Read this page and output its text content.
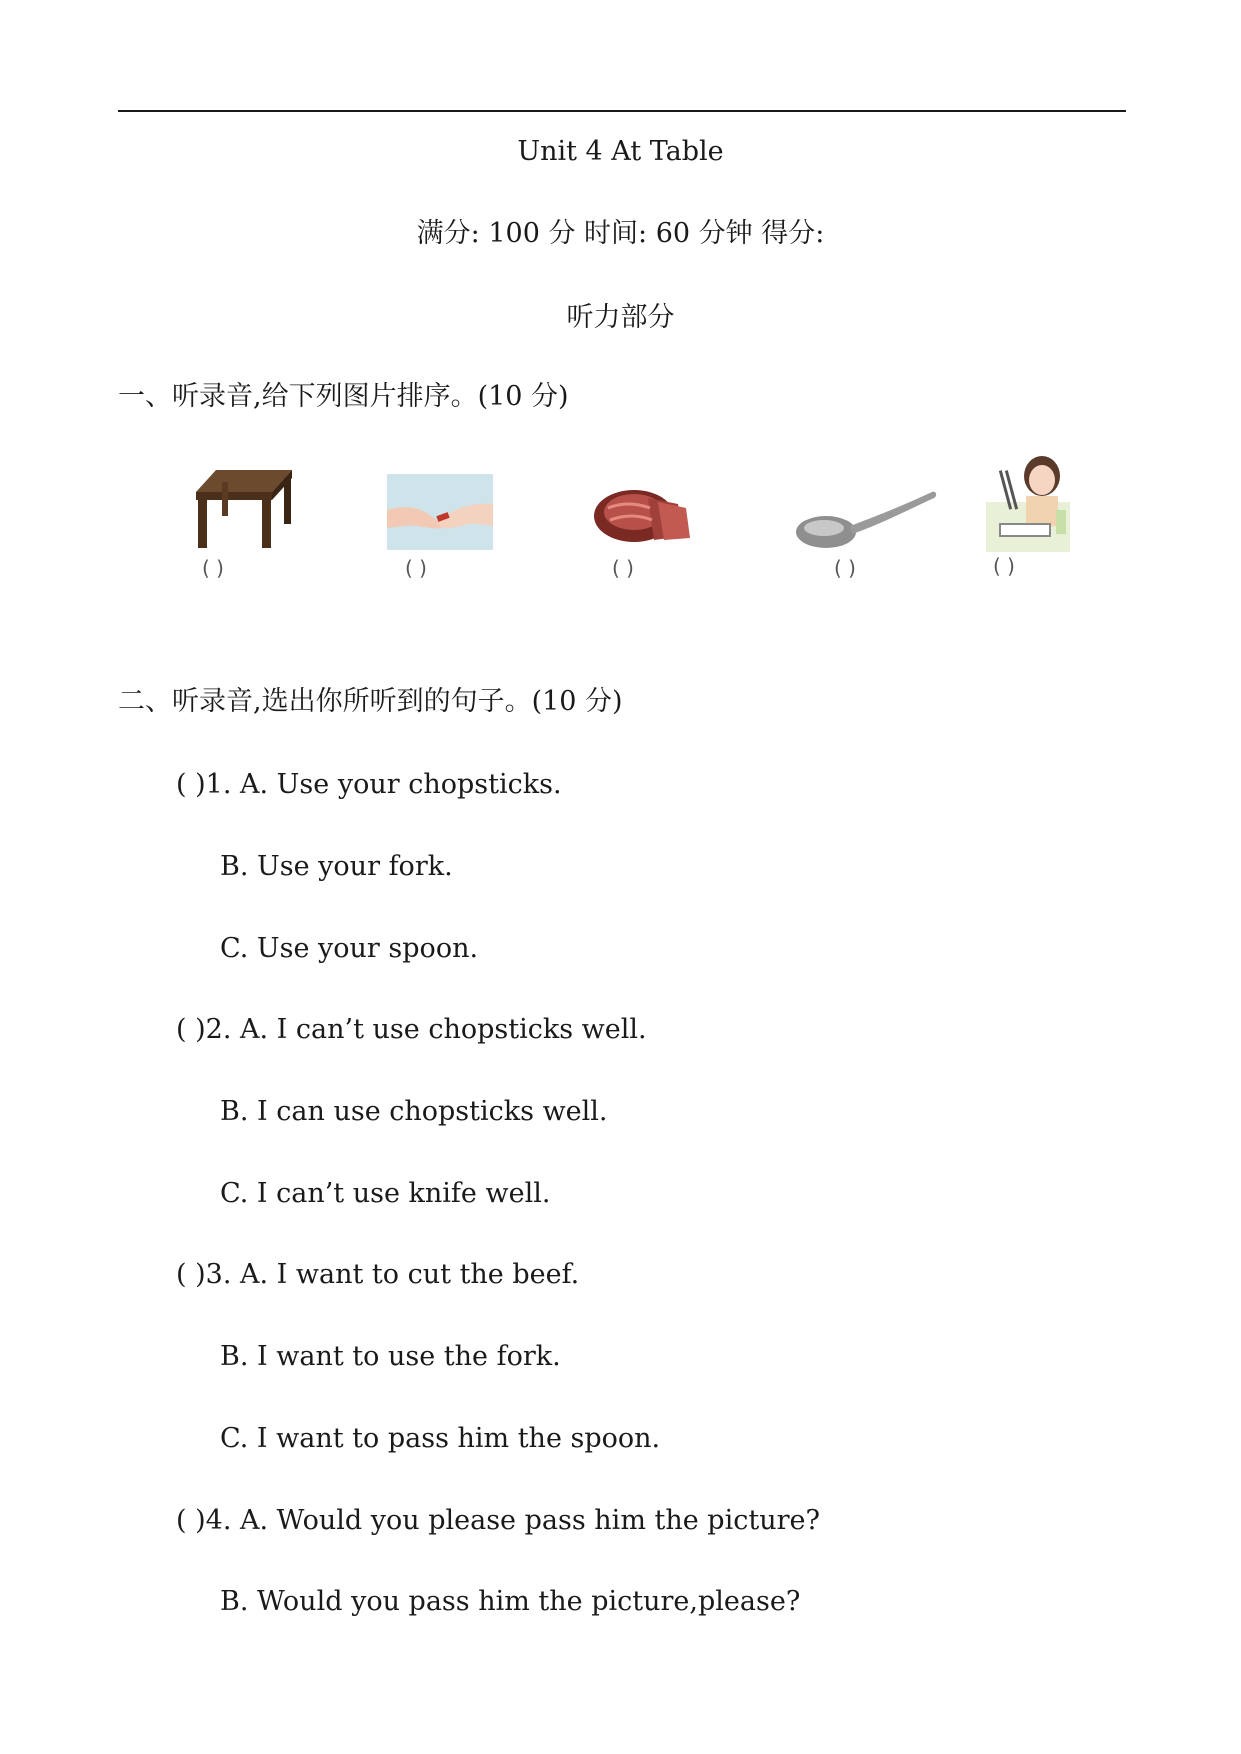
Unit 4 At Table
满分: 100 分 时间: 60 分钟 得分:
听力部分
一、听录音,给下列图片排序。(10 分)
( )	( )	( )	( )	( )
二、听录音,选出你所听到的句子。(10 分)
( )1. A. Use your chopsticks.
B. Use your fork.
C. Use your spoon.
( )2. A. I can’t use chopsticks well.
B. I can use chopsticks well.
C. I can’t use knife well.
( )3. A. I want to cut the beef.
B. I want to use the fork.
C. I want to pass him the spoon.
( )4. A. Would you please pass him the picture?
B. Would you pass him the picture,please?
